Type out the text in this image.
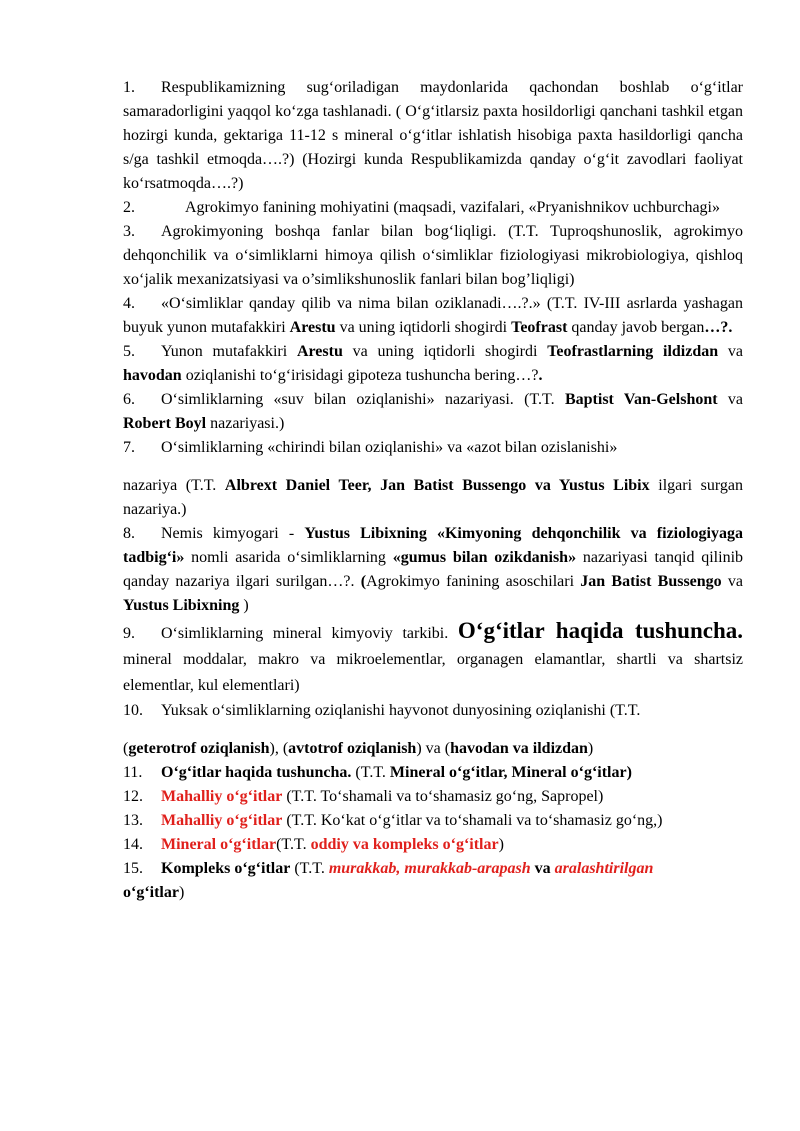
1. Respublikamizning sug‘oriladigan maydonlarida qachondan boshlab o‘g‘itlar samaradorligini yaqqol ko‘zga tashlanadi. ( O‘g‘itlarsiz paxta hosildorligi qanchani tashkil etgan hozirgi kunda, gektariga 11-12 s mineral o‘g‘itlar ishlatish hisobiga paxta hasildorligi qancha s/ga tashkil etmoqda….?) (Hozirgi kunda Respublikamizda qanday o‘g‘it zavodlari faoliyat ko‘rsatmoqda….?)

2.	Agrokimyo fanining mohiyatini (maqsadi, vazifalari, «Pryanishnikov uchburchagi»

3. Agrokimyoning boshqa fanlar bilan bog‘liqligi. (T.T. Tuproqshunoslik, agrokimyo dehqonchilik va o‘simliklarni himoya qilish o‘simliklar fiziologiyasi mikrobiologiya, qishloq xo‘jalik mexanizatsiyasi va o’simlikshunoslik fanlari bilan bog’liqligi)

4. «O‘simliklar qanday qilib va nima bilan oziklanadi….?.» (T.T. IV-III asrlarda yashagan buyuk yunon mutafakkiri Arestu va uning iqtidorli shogirdi Teofrast qanday javob bergan…?.

5. Yunon mutafakkiri Arestu va uning iqtidorli shogirdi Teofrastlarning ildizdan va havodan oziqlanishi to‘g‘irisidagi gipoteza tushuncha bering…?.

6. O‘simliklarning «suv bilan oziqlanishi» nazariyasi. (T.T. Baptist Van-Gelshont va Robert Boyl nazariyasi.)

7. O‘simliklarning «chirindi bilan oziqlanishi» va «azot bilan ozislanishi»

nazariya (T.T. Albrext Daniel Teer, Jan Batist Bussengo va Yustus Libix ilgari surgan nazariya.)

8. Nemis kimyogari - Yustus Libixning «Kimyoning dehqonchilik va fiziologiyaga tadbig‘i» nomli asarida o‘simliklarning «gumus bilan ozikdanish» nazariyasi tanqid qilinib qanday nazariya ilgari surilgan…?. (Agrokimyo fanining asoschilari Jan Batist Bussengo va Yustus Libixning )

9. O‘simliklarning mineral kimyoviy tarkibi. O‘g‘itlar haqida tushuncha. mineral moddalar, makro va mikroelementlar, organagen elamantlar, shartli va shartsiz elementlar, kul elementlari)

10. Yuksak o‘simliklarning oziqlanishi hayvonot dunyosining oziqlanishi (T.T.

(geterotrof oziqlanish), (avtotrof oziqlanish) va (havodan va ildizdan)

11. O‘g‘itlar haqida tushuncha. (T.T. Mineral o‘g‘itlar, Mineral o‘g‘itlar)

12. Mahalliy o‘g‘itlar (T.T. To‘shamali va to‘shamasiz go‘ng, Sapropel)

13. Mahalliy o‘g‘itlar (T.T. Ko‘kat o‘g‘itlar va to‘shamali va to‘shamasiz go‘ng,)

14. Mineral o‘g‘itlar(T.T. oddiy va kompleks o‘g‘itlar)

15. Kompleks o‘g‘itlar (T.T. murakkab, murakkab-arapash va aralashtirilgan
o‘g‘itlar)
